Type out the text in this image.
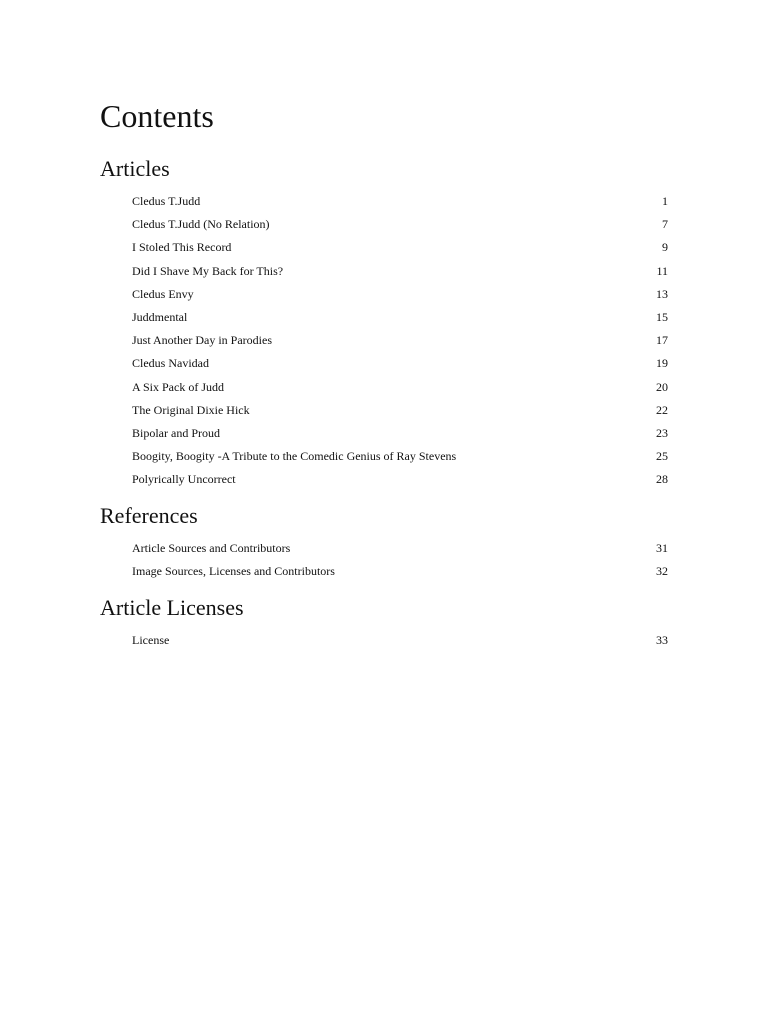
Contents
Articles
Cledus T.Judd	1
Cledus T.Judd (No Relation)	7
I Stoled This Record	9
Did I Shave My Back for This?	11
Cledus Envy	13
Juddmental	15
Just Another Day in Parodies	17
Cledus Navidad	19
A Six Pack of Judd	20
The Original Dixie Hick	22
Bipolar and Proud	23
Boogity, Boogity -A Tribute to the Comedic Genius of Ray Stevens	25
Polyrically Uncorrect	28
References
Article Sources and Contributors	31
Image Sources, Licenses and Contributors	32
Article Licenses
License	33
